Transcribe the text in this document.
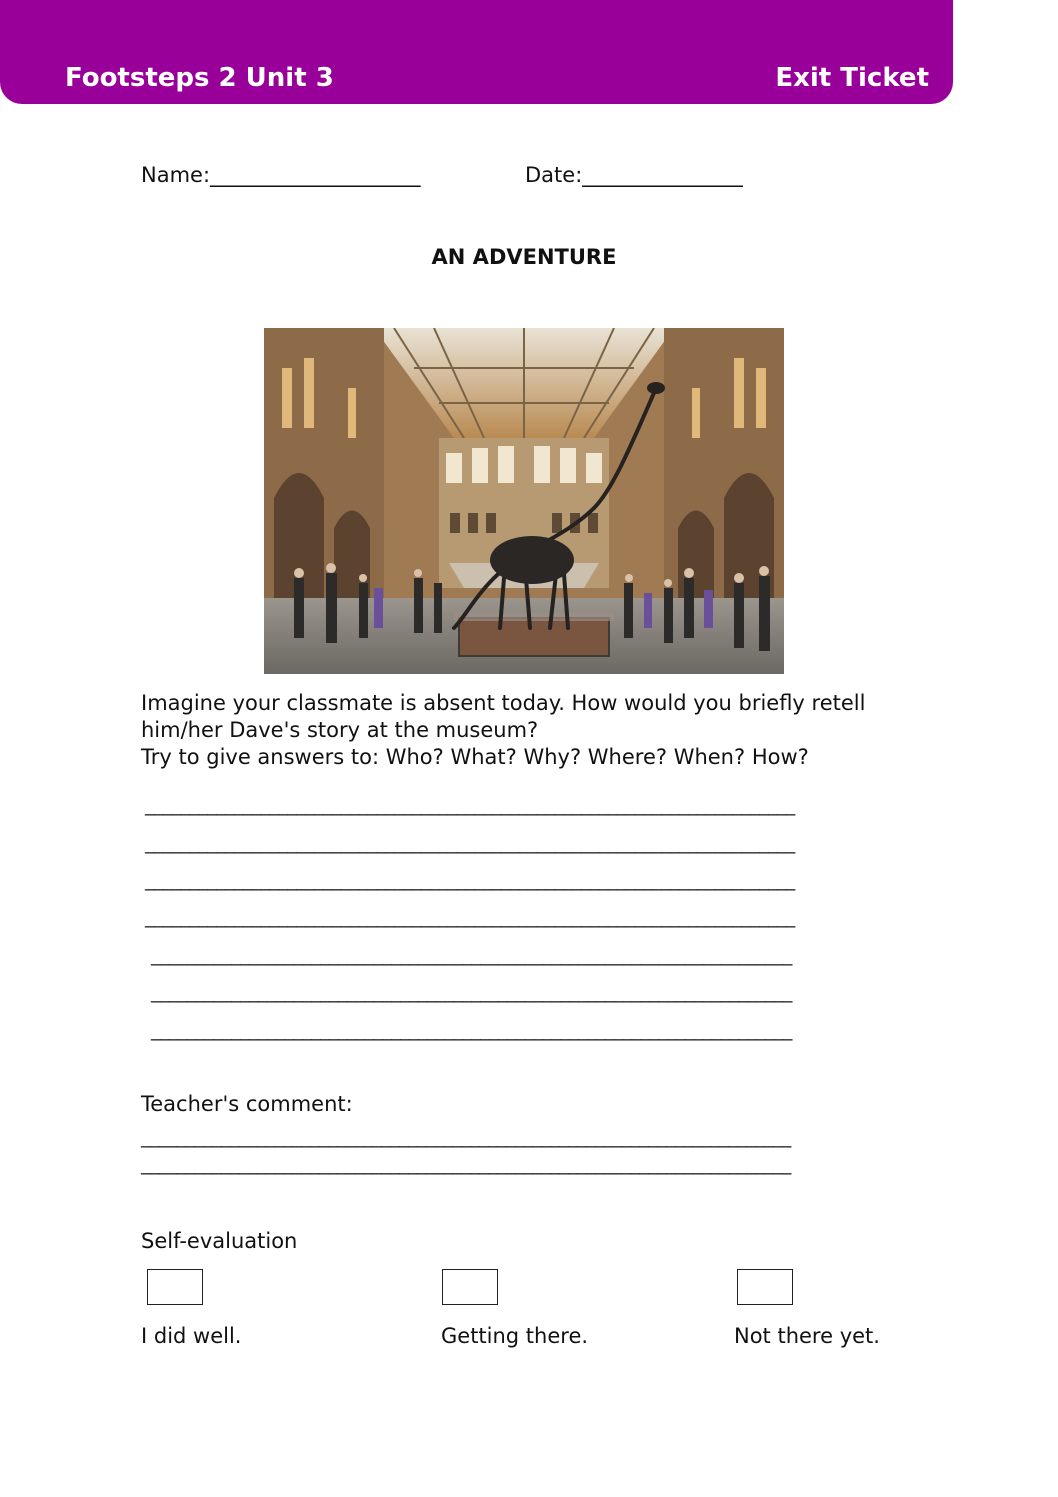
Footsteps 2 Unit 3	Exit Ticket
Name:_____________________	Date:________________
AN ADVENTURE
Imagine your classmate is absent today. How would you briefly retell
him/her Dave's story at the museum?
Try to give answers to: Who? What? Why? Where? When? How?
_________________________________________________________________________
_________________________________________________________________________
_________________________________________________________________________
_________________________________________________________________________
________________________________________________________________________
________________________________________________________________________
________________________________________________________________________
Teacher's comment:
_________________________________________________________________________
_________________________________________________________________________
Self-evaluation
I did well.	Getting there.	Not there yet.
